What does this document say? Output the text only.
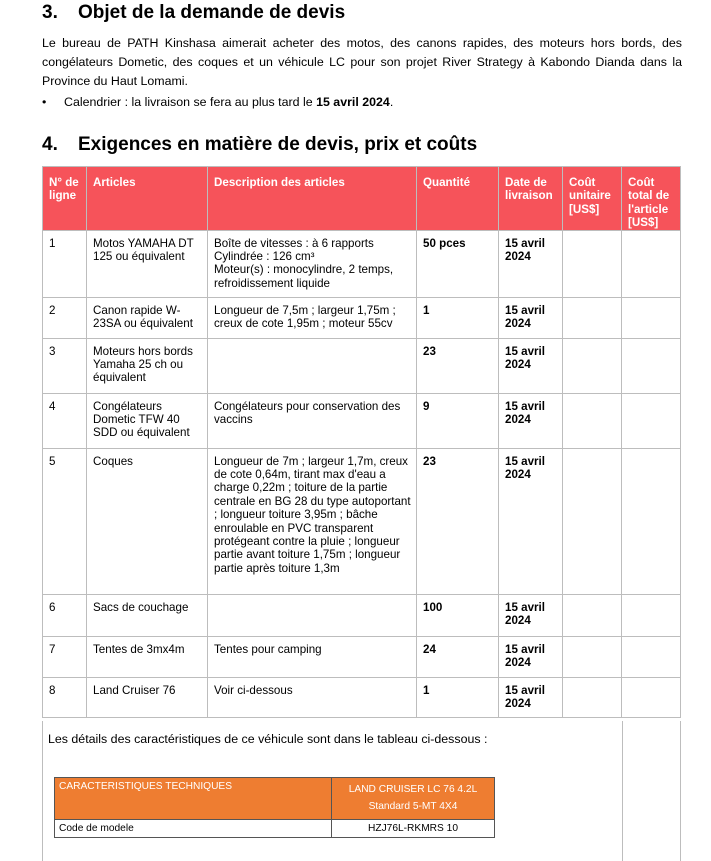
3. Objet de la demande de devis

Le bureau de PATH Kinshasa aimerait acheter des motos, des canons rapides, des moteurs hors bords, des congélateurs Dometic, des coques et un véhicule LC pour son projet River Strategy à Kabondo Dianda dans la Province du Haut Lomami.

• Calendrier : la livraison se fera au plus tard le 15 avril 2024.
4. Exigences en matière de devis, prix et coûts
N° de ligne	Articles	Description des articles	Quantité	Date de livraison	Coût unitaire [US$]	Coût total de l'article [US$]
1	Motos YAMAHA DT 125 ou équivalent	Boîte de vitesses : à 6 rapports
Cylindrée : 126 cm³
Moteur(s) : monocylindre, 2 temps, refroidissement liquide	50 pces	15 avril 2024		
2	Canon rapide W-23SA ou équivalent	Longueur de 7,5m ; largeur 1,75m ; creux de cote 1,95m ; moteur 55cv	1	15 avril 2024		
3	Moteurs hors bords Yamaha 25 ch ou équivalent		23	15 avril 2024		
4	Congélateurs Dometic TFW 40 SDD ou équivalent	Congélateurs pour conservation des vaccins	9	15 avril 2024		
5	Coques	Longueur de 7m ; largeur 1,7m, creux de cote 0,64m, tirant max d'eau a charge 0,22m ; toiture de la partie centrale en BG 28 du type autoportant ; longueur toiture 3,95m ; bâche enroulable en PVC transparent protégeant contre la pluie ; longueur partie avant toiture 1,75m ; longueur partie après toiture 1,3m	23	15 avril 2024		
6	Sacs de couchage		100	15 avril 2024		
7	Tentes de 3mx4m	Tentes pour camping	24	15 avril 2024		
8	Land Cruiser 76	Voir ci-dessous	1	15 avril 2024		
Les détails des caractéristiques de ce véhicule sont dans le tableau ci-dessous :
CARACTERISTIQUES TECHNIQUES	LAND CRUISER LC 76 4.2L
Standard 5-MT 4X4

Code de modele	HZJ76L-RKMRS 10
